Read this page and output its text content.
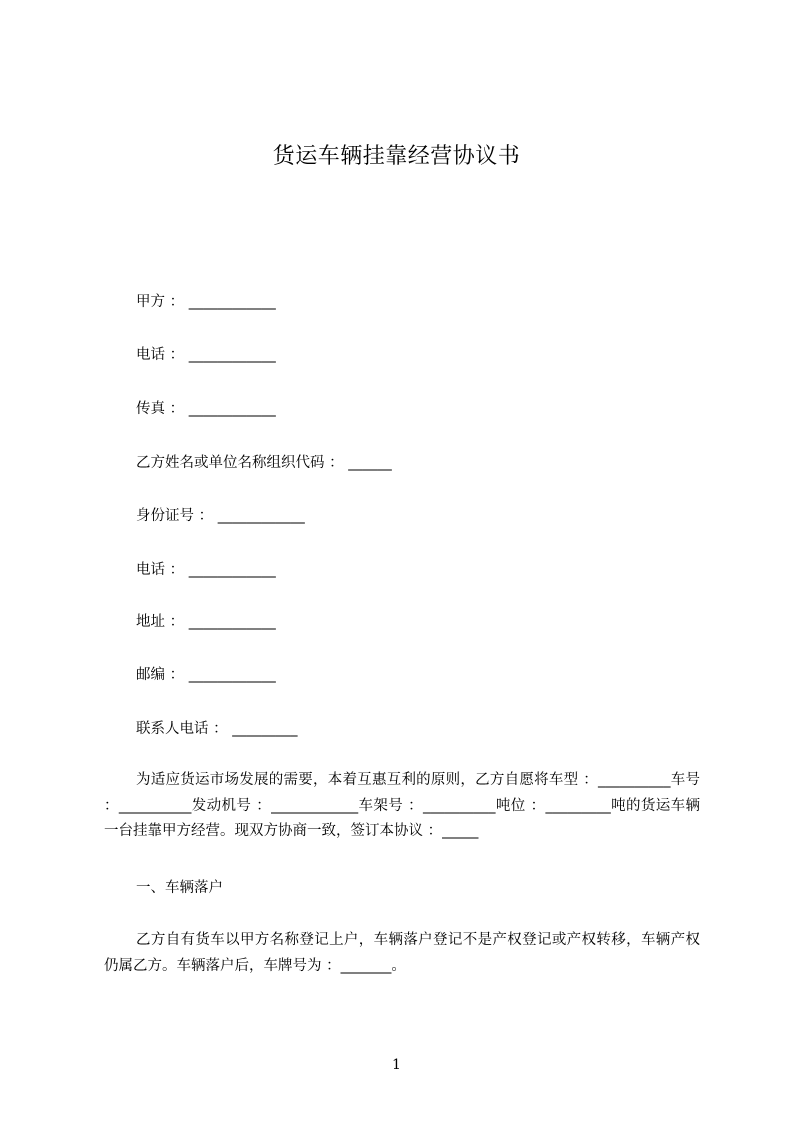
货运车辆挂靠经营协议书
甲方 ： ____________
电话 ： ____________
传真 ： ____________
乙方姓名或单位名称组织代码 ： ______
身份证号 ： ____________
电话 ： ____________
地址 ： ____________
邮编 ： ____________
联系人电话 ： _________
为适应货运市场发展的需要，本着互惠互利的原则，乙方自愿将车型 ：__________车号 ：__________发动机号 ：____________车架号 ：__________吨位 ：_________吨的货运车辆一台挂靠甲方经营。现双方协商一致，签订本协议 ：_____
一、车辆落户
乙方自有货车以甲方名称登记上户，车辆落户登记不是产权登记或产权转移，车辆产权仍属乙方。车辆落户后，车牌号为 ：_______。
1
